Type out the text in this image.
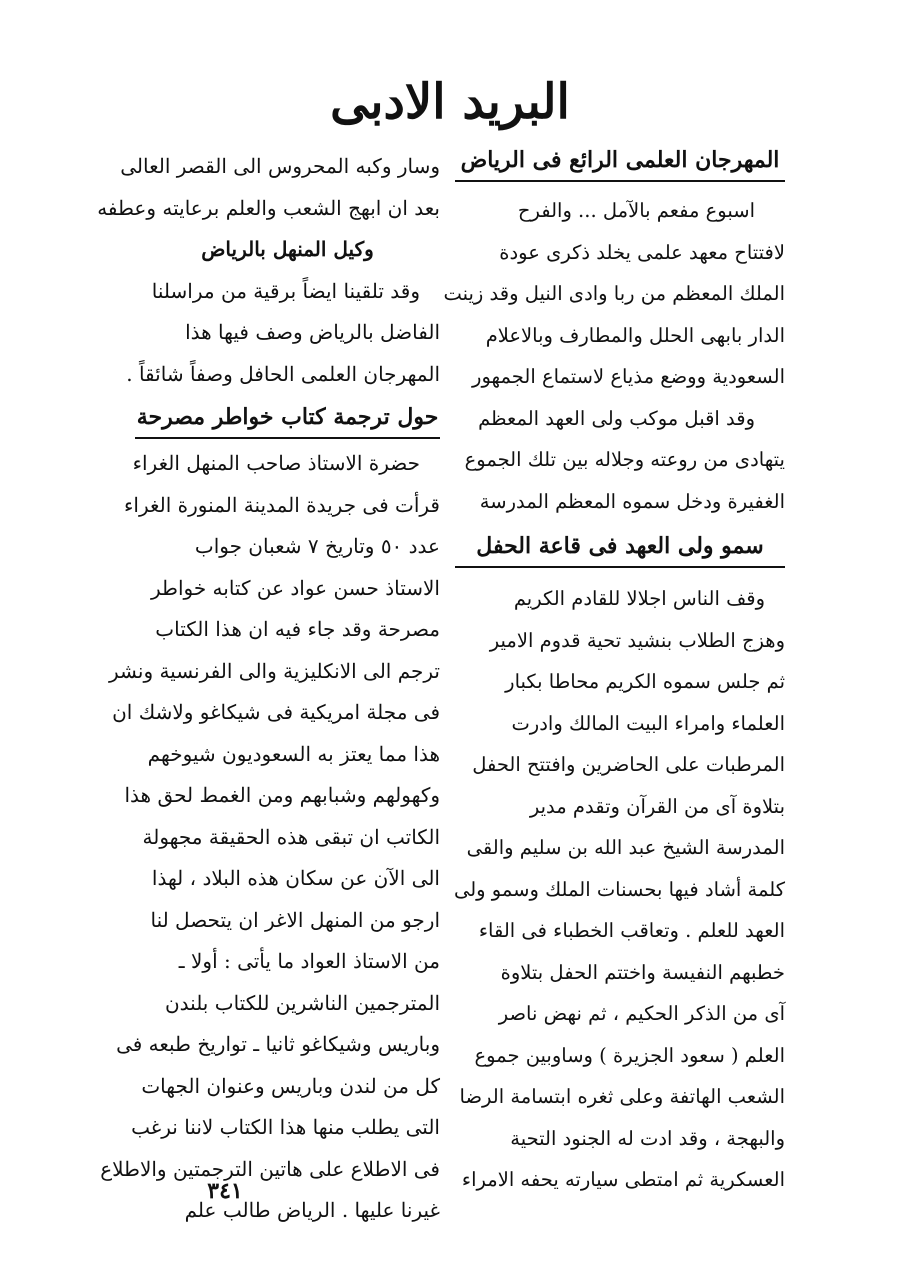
البريد الادبى
المهرجان العلمى الرائع فى الرياض
اسبوع مفعم بالآمل ... والفرح
لافتتاح معهد علمى يخلد ذكرى عودة
الملك المعظم من ربا وادى النيل وقد زينت
الدار بابهى الحلل والمطارف وبالاعلام
السعودية ووضع مذياع لاستماع الجمهور
وقد اقبل موكب ولى العهد المعظم
يتهادى من روعته وجلاله بين تلك الجموع
الغفيرة ودخل سموه المعظم المدرسة
سمو ولى العهد فى قاعة الحفل
وقف الناس اجلالا للقادم الكريم
وهزج الطلاب بنشيد تحية قدوم الامير
ثم جلس سموه الكريم محاطا بكبار
العلماء وامراء البيت المالك وادرت
المرطبات على الحاضرين وافتتح الحفل
بتلاوة آى من القرآن وتقدم مدير
المدرسة الشيخ عبد الله بن سليم والقى
كلمة أشاد فيها بحسنات الملك وسمو ولى
العهد للعلم . وتعاقب الخطباء فى القاء
خطبهم النفيسة واختتم الحفل بتلاوة
آى من الذكر الحكيم ، ثم نهض ناصر
العلم ( سعود الجزيرة ) وساوبين جموع
الشعب الهاتفة وعلى ثغره ابتسامة الرضا
والبهجة ، وقد ادت له الجنود التحية
العسكرية ثم امتطى سيارته يحفه الامراء
وسار وكبه المحروس الى القصر العالى
بعد ان ابهج الشعب والعلم برعايته وعطفه
وكيل المنهل بالرياض
وقد تلقينا ايضاً برقية من مراسلنا
الفاضل بالرياض وصف فيها هذا
المهرجان العلمى الحافل وصفاً شائقاً .
حول ترجمة كتاب خواطر مصرحة
حضرة الاستاذ صاحب المنهل الغراء
قرأت فى جريدة المدينة المنورة الغراء
عدد ٥٠ وتاريخ ٧ شعبان جواب
الاستاذ حسن عواد عن كتابه خواطر
مصرحة وقد جاء فيه ان هذا الكتاب
ترجم الى الانكليزية والى الفرنسية ونشر
فى مجلة امريكية فى شيكاغو ولاشك ان
هذا مما يعتز به السعوديون شيوخهم
وكهولهم وشبابهم ومن الغمط لحق هذا
الكاتب ان تبقى هذه الحقيقة مجهولة
الى الآن عن سكان هذه البلاد ، لهذا
ارجو من المنهل الاغر ان يتحصل لنا
من الاستاذ العواد ما يأتى : أولا ـ
المترجمين الناشرين للكتاب بلندن
وباريس وشيكاغو ثانيا ـ تواريخ طبعه فى
كل من لندن وباريس وعنوان الجهات
التى يطلب منها هذا الكتاب لاننا نرغب
فى الاطلاع على هاتين الترجمتين والاطلاع
غيرنا عليها . الرياض طالب علم
٣٤١
